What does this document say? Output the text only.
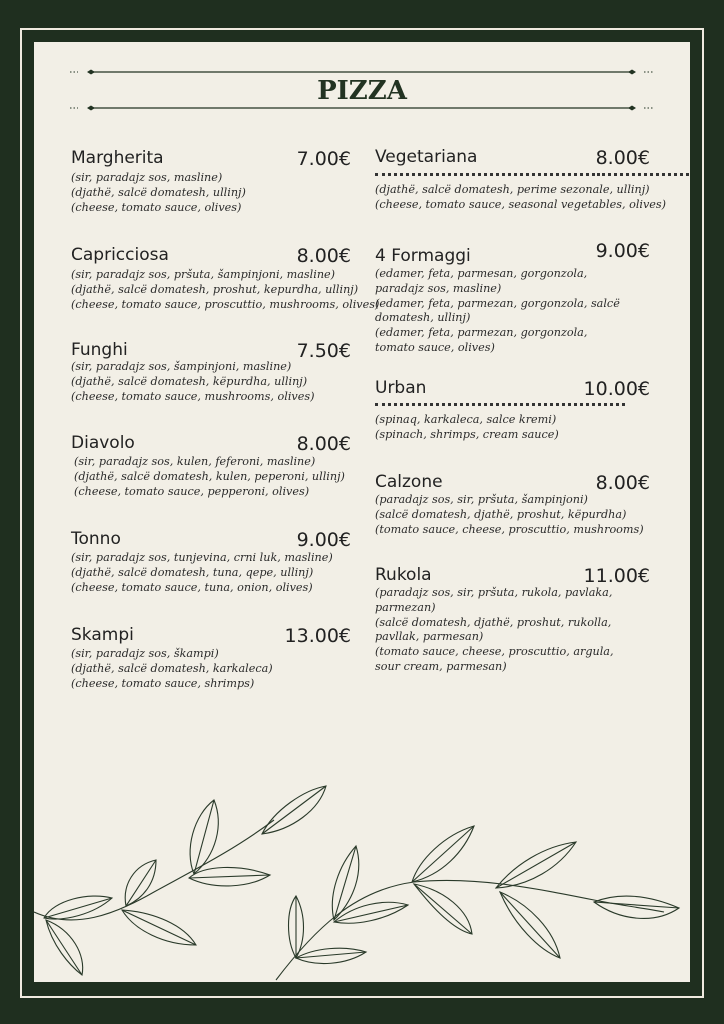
PIZZA
Margherita	7.00€
(sir, paradajz sos, masline)
(djathë, salcë domatesh, ullinj)
(cheese, tomato sauce, olives)
Capricciosa	8.00€
(sir, paradajz sos, pršuta, šampinjoni, masline)
(djathë, salcë domatesh, proshut, kepurdha, ullinj)
(cheese, tomato sauce, proscuttio, mushrooms, olives)
Funghi	7.50€
(sir, paradajz sos, šampinjoni, masline)
(djathë, salcë domatesh, këpurdha, ullinj)
(cheese, tomato sauce, mushrooms, olives)
Diavolo	8.00€
(sir, paradajz sos, kulen, feferoni, masline)
(djathë, salcë domatesh, kulen, peperoni, ullinj)
(cheese, tomato sauce, pepperoni, olives)
Tonno	9.00€
(sir, paradajz sos, tunjevina, crni luk, masline)
(djathë, salcë domatesh, tuna, qepe, ullinj)
(cheese, tomato sauce, tuna, onion, olives)
Skampi	13.00€
(sir, paradajz sos, škampi)
(djathë, salcë domatesh, karkaleca)
(cheese, tomato sauce, shrimps)
Vegetariana	8.00€
(djathë, salcë domatesh, perime sezonale, ullinj)
(cheese, tomato sauce, seasonal vegetables, olives)
4 Formaggi	9.00€
(edamer, feta, parmesan, gorgonzola,
paradajz sos, masline)
(edamer, feta, parmezan, gorgonzola, salcë
domatesh, ullinj)
(edamer, feta, parmezan, gorgonzola,
tomato sauce, olives)
Urban	10.00€
(spinaq, karkaleca, salce kremi)
(spinach, shrimps, cream sauce)
Calzone	8.00€
(paradajz sos, sir, pršuta, šampinjoni)
(salcë domatesh, djathë, proshut, këpurdha)
(tomato sauce, cheese, proscuttio, mushrooms)
Rukola	11.00€
(paradajz sos, sir, pršuta, rukola, pavlaka,
parmezan)
(salcë domatesh, djathë, proshut, rukolla,
pavllak, parmesan)
(tomato sauce, cheese, proscuttio, argula,
sour cream, parmesan)
